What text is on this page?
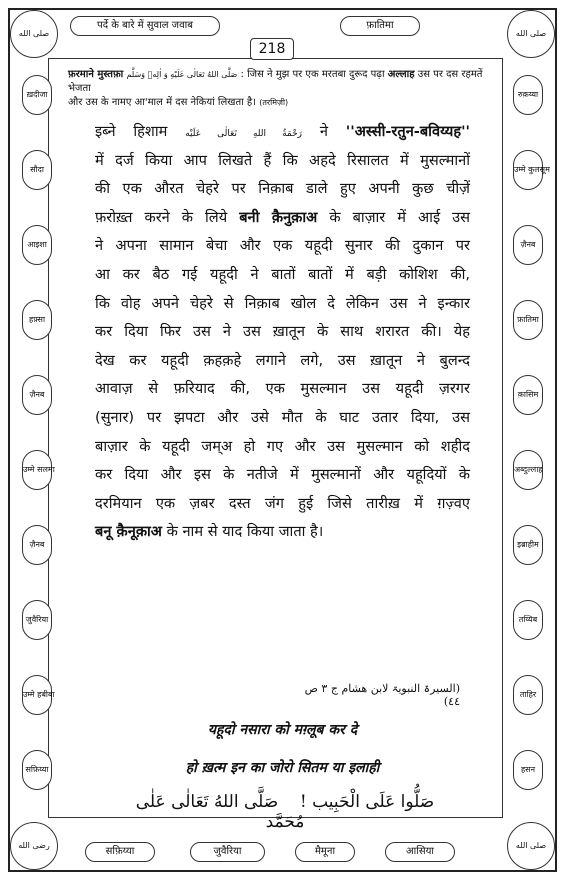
صلى الله	صلى الله
رضی الله	صلى الله
पर्दे के बारे में सुवाल जवाब
218
फ़ातिमा
फ़रमाने मुस्तफ़ा صَلَّى اللهُ تَعَالٰى عَلَيْهِ وَ اٰلِهٖ وَسَلَّم : जिस ने मुझ पर एक मरतबा दुरूद पढ़ा अल्लाह उस पर दस रहमतें भेजता
और उस के नामए आ'माल में दस नेकियां लिखता है। (तरमिज़ी)
इब्ने हिशाम رَحْمَةُ اللهِ تَعَالٰى عَلَيْه ने ''अस्सी-रतुन-बविय्यह''
में दर्ज किया आप लिखते हैं कि अहदे रिसालत में मुसल्मानों
की एक औरत चेहरे पर निक़ाब डाले हुए अपनी कुछ चीज़ें
फ़रोख़्त करने के लिये बनी क़ैनुक़ाअ के बाज़ार में आई उस
ने अपना सामान बेचा और एक यहूदी सुनार की दुकान पर
आ कर बैठ गई यहूदी ने बातों बातों में बड़ी कोशिश की,
कि वोह अपने चेहरे से निक़ाब खोल दे लेकिन उस ने इन्कार
कर दिया फिर उस ने उस ख़ातून के साथ शरारत की। येह
देख कर यहूदी क़हक़हे लगाने लगे, उस ख़ातून ने बुलन्द
आवाज़ से फ़रियाद की, एक मुसल्मान उस यहूदी ज़रगर
(सुनार) पर झपटा और उसे मौत के घाट उतार दिया, उस
बाज़ार के यहूदी जम्अ हो गए और उस मुसल्मान को शहीद
कर दिया और इस के नतीजे में मुसल्मानों और यहूदियों के
दरमियान एक ज़बर दस्त जंग हुई जिसे तारीख़ में ग़ज़्वए
बनू क़ैनूक़ाअ के नाम से याद किया जाता है।
(السیرۃ النبویۃ لابن ھشام ج ۳ ص ٤٤)
यहूदो नसारा को मग़्लूब कर दे
हो ख़त्म इन का जोरो सितम या इलाही
صَلُّوا عَلَى الْحَبِيب !    صَلَّى اللهُ تَعَالٰى عَلٰى مُحَمَّد
ख़दीजा
सौदा
आइशा
हफ़्सा
ज़ैनब
उम्मे सलमा
ज़ैनब
जुवैरिया
उम्मे हबीबा
सफ़िय्या
रुक़य्या
उम्मे कुलसूम
ज़ैनब
फ़ातिमा
क़ासिम
अब्दुल्लाह
इब्राहीम
तय्यिब
ताहिर
हसन
सफ़िय्या	जुवैरिया	मैमूना	आसिया
